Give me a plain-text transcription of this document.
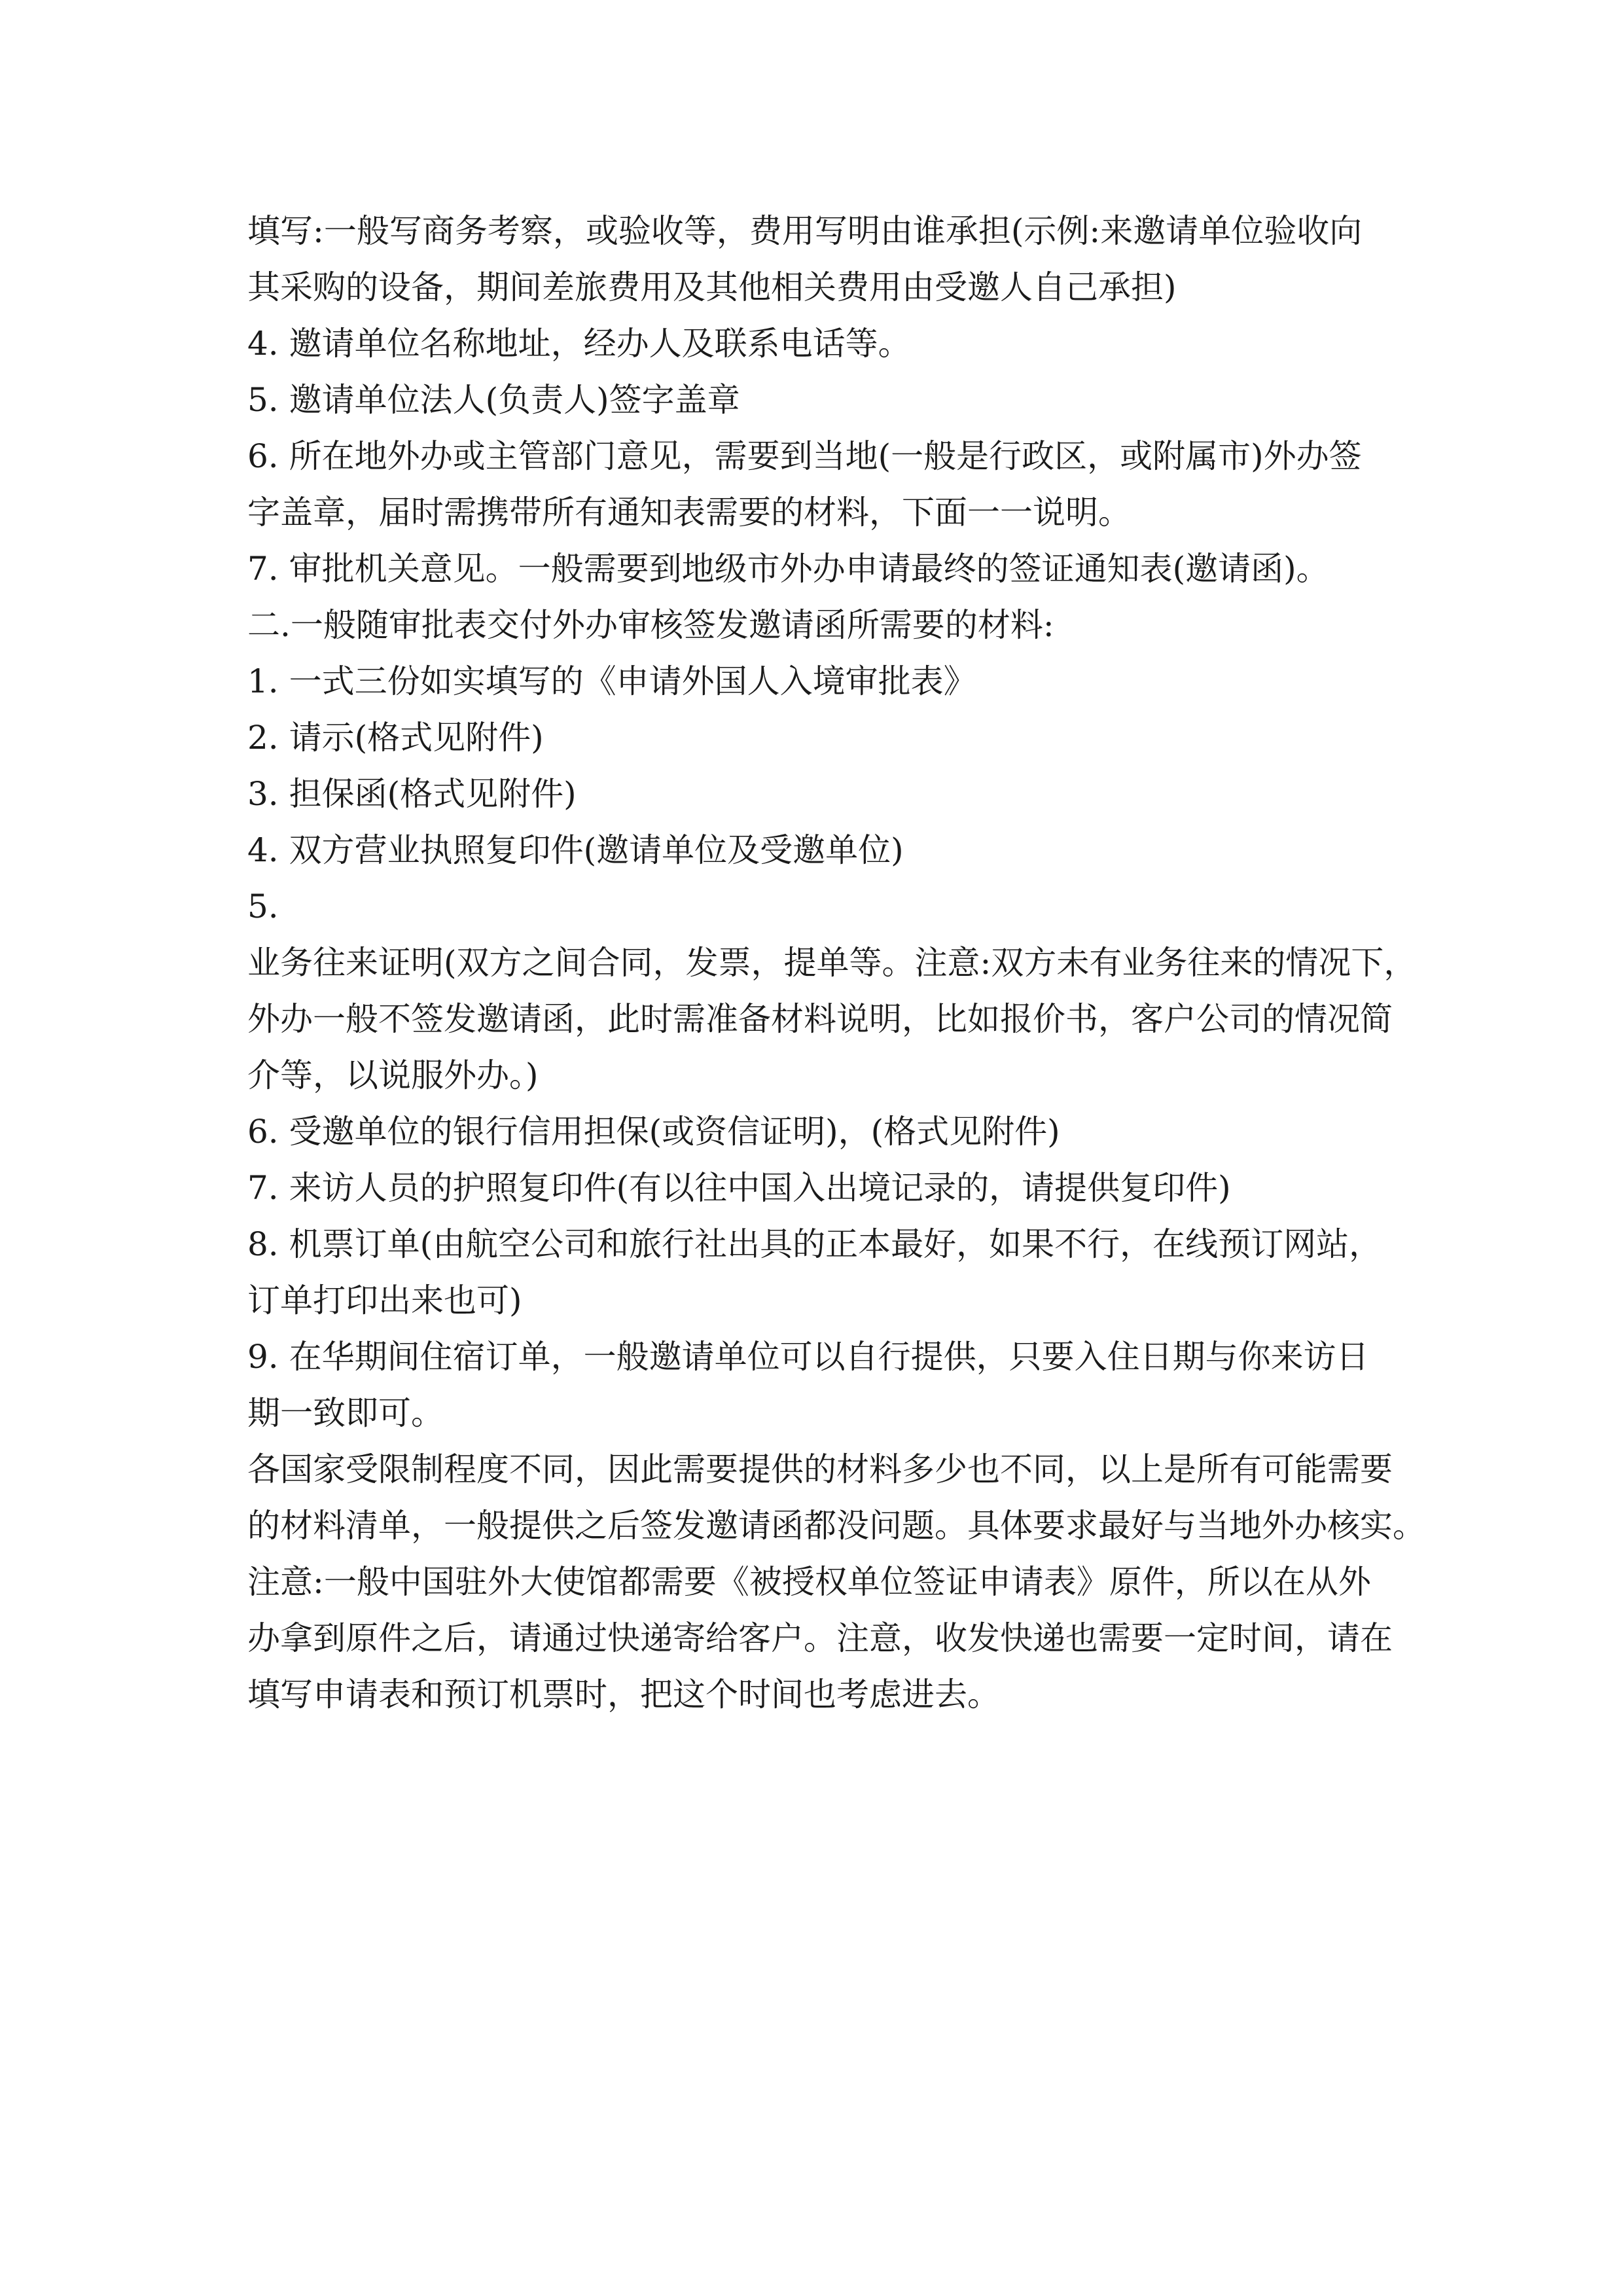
填写:一般写商务考察，或验收等，费用写明由谁承担(示例:来邀请单位验收向
其采购的设备，期间差旅费用及其他相关费用由受邀人自己承担)
4. 邀请单位名称地址，经办人及联系电话等。
5. 邀请单位法人(负责人)签字盖章
6. 所在地外办或主管部门意见，需要到当地(一般是行政区，或附属市)外办签
字盖章，届时需携带所有通知表需要的材料，下面一一说明。
7. 审批机关意见。一般需要到地级市外办申请最终的签证通知表(邀请函)。
二.一般随审批表交付外办审核签发邀请函所需要的材料:
1. 一式三份如实填写的《申请外国人入境审批表》
2. 请示(格式见附件)
3. 担保函(格式见附件)
4. 双方营业执照复印件(邀请单位及受邀单位)
5.
业务往来证明(双方之间合同，发票，提单等。注意:双方未有业务往来的情况下，
外办一般不签发邀请函，此时需准备材料说明，比如报价书，客户公司的情况简
介等，以说服外办。)
6. 受邀单位的银行信用担保(或资信证明)，(格式见附件)
7. 来访人员的护照复印件(有以往中国入出境记录的，请提供复印件)
8. 机票订单(由航空公司和旅行社出具的正本最好，如果不行，在线预订网站，
订单打印出来也可)
9. 在华期间住宿订单，一般邀请单位可以自行提供，只要入住日期与你来访日
期一致即可。
各国家受限制程度不同，因此需要提供的材料多少也不同，以上是所有可能需要
的材料清单，一般提供之后签发邀请函都没问题。具体要求最好与当地外办核实。
注意:一般中国驻外大使馆都需要《被授权单位签证申请表》原件，所以在从外
办拿到原件之后，请通过快递寄给客户。注意，收发快递也需要一定时间，请在
填写申请表和预订机票时，把这个时间也考虑进去。
